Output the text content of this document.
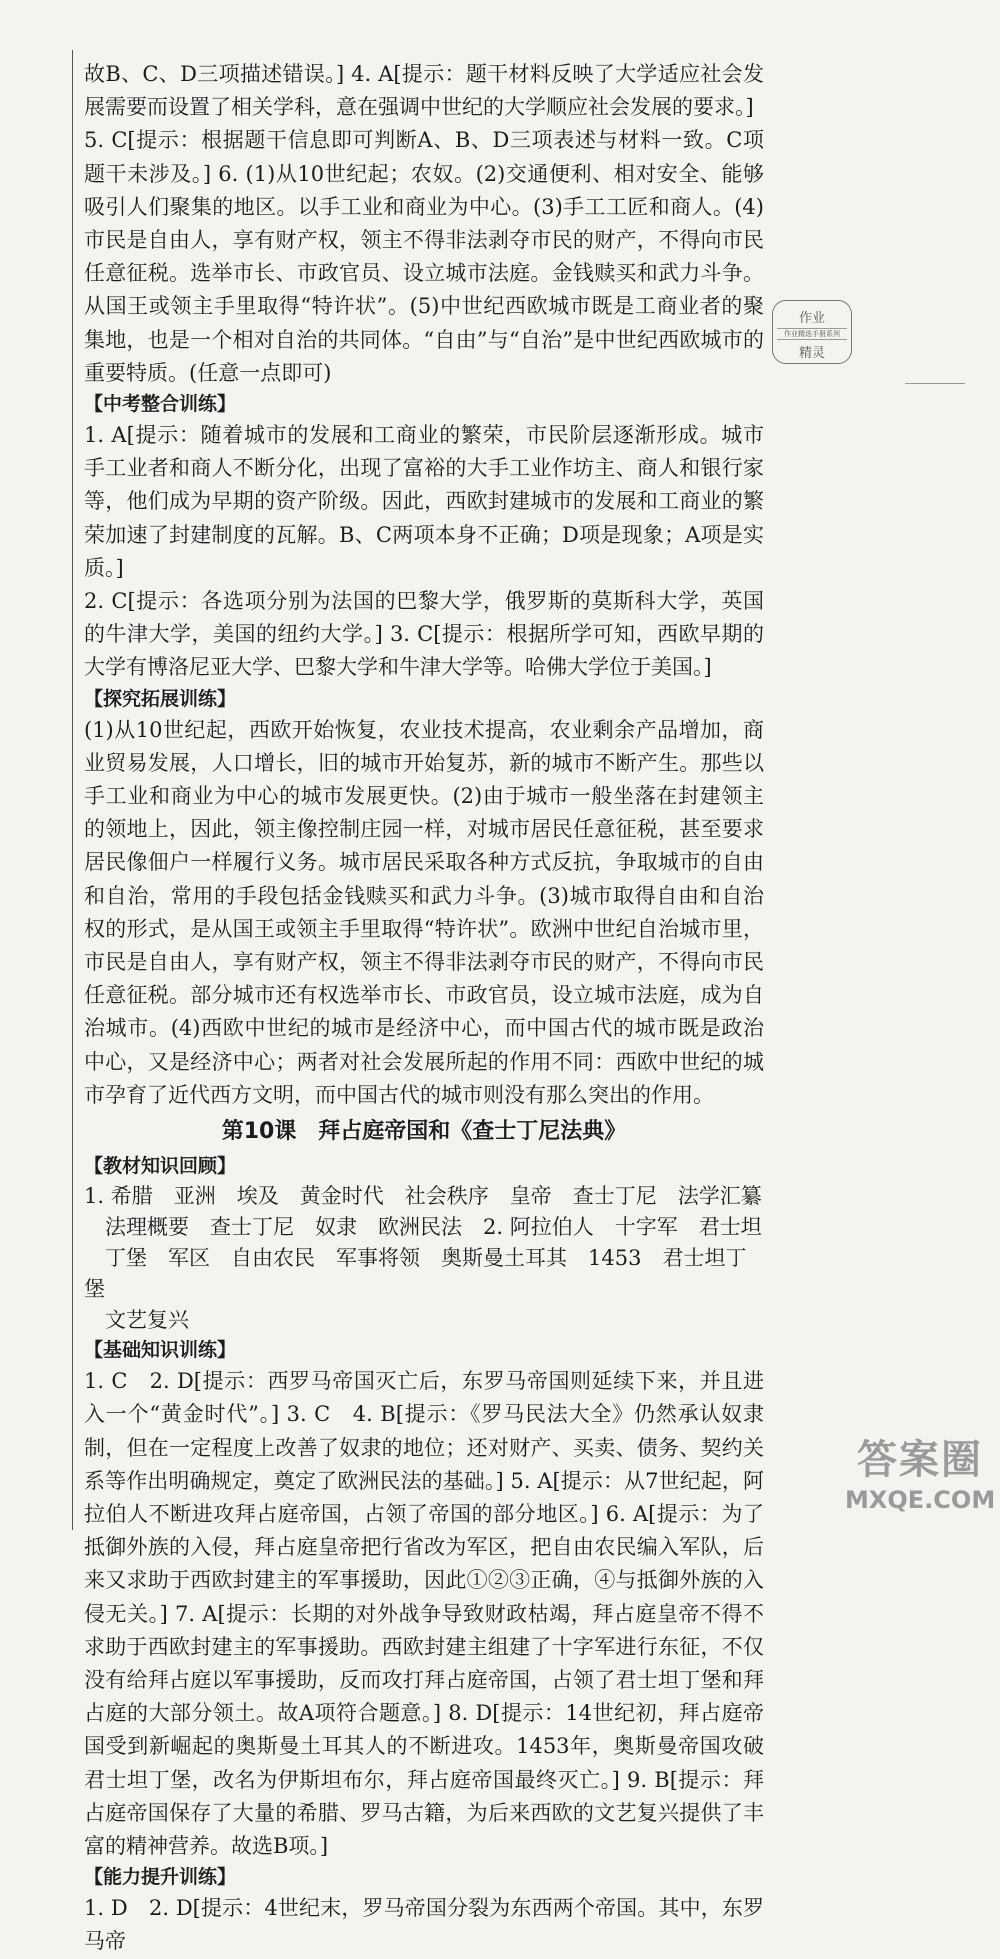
故B、C、D三项描述错误。] 4. A[提示：题干材料反映了大学适应社会发展需要而设置了相关学科，意在强调中世纪的大学顺应社会发展的要求。]

5. C[提示：根据题干信息即可判断A、B、D三项表述与材料一致。C项题干未涉及。] 6. (1)从10世纪起；农奴。(2)交通便利、相对安全、能够吸引人们聚集的地区。以手工业和商业为中心。(3)手工工匠和商人。(4)市民是自由人，享有财产权，领主不得非法剥夺市民的财产，不得向市民任意征税。选举市长、市政官员、设立城市法庭。金钱赎买和武力斗争。从国王或领主手里取得“特许状”。(5)中世纪西欧城市既是工商业者的聚集地，也是一个相对自治的共同体。“自由”与“自治”是中世纪西欧城市的重要特质。(任意一点即可)

【中考整合训练】

1. A[提示：随着城市的发展和工商业的繁荣，市民阶层逐渐形成。城市手工业者和商人不断分化，出现了富裕的大手工业作坊主、商人和银行家等，他们成为早期的资产阶级。因此，西欧封建城市的发展和工商业的繁荣加速了封建制度的瓦解。B、C两项本身不正确；D项是现象；A项是实质。]

2. C[提示：各选项分别为法国的巴黎大学，俄罗斯的莫斯科大学，英国的牛津大学，美国的纽约大学。] 3. C[提示：根据所学可知，西欧早期的大学有博洛尼亚大学、巴黎大学和牛津大学等。哈佛大学位于美国。]

【探究拓展训练】

(1)从10世纪起，西欧开始恢复，农业技术提高，农业剩余产品增加，商业贸易发展，人口增长，旧的城市开始复苏，新的城市不断产生。那些以手工业和商业为中心的城市发展更快。(2)由于城市一般坐落在封建领主的领地上，因此，领主像控制庄园一样，对城市居民任意征税，甚至要求居民像佃户一样履行义务。城市居民采取各种方式反抗，争取城市的自由和自治，常用的手段包括金钱赎买和武力斗争。(3)城市取得自由和自治权的形式，是从国王或领主手里取得“特许状”。欧洲中世纪自治城市里，市民是自由人，享有财产权，领主不得非法剥夺市民的财产，不得向市民任意征税。部分城市还有权选举市长、市政官员，设立城市法庭，成为自治城市。(4)西欧中世纪的城市是经济中心，而中国古代的城市既是政治中心，又是经济中心；两者对社会发展所起的作用不同：西欧中世纪的城市孕育了近代西方文明，而中国古代的城市则没有那么突出的作用。

第10课　拜占庭帝国和《查士丁尼法典》

【教材知识回顾】

1. 希腊　亚洲　埃及　黄金时代　社会秩序　皇帝　查士丁尼　法学汇纂

　法理概要　查士丁尼　奴隶　欧洲民法　2. 阿拉伯人　十字军　君士坦

　丁堡　军区　自由农民　军事将领　奥斯曼土耳其　1453　君士坦丁堡

　文艺复兴

【基础知识训练】

1. C　2. D[提示：西罗马帝国灭亡后，东罗马帝国则延续下来，并且进入一个“黄金时代”。] 3. C　4. B[提示：《罗马民法大全》仍然承认奴隶制，但在一定程度上改善了奴隶的地位；还对财产、买卖、债务、契约关系等作出明确规定，奠定了欧洲民法的基础。] 5. A[提示：从7世纪起，阿拉伯人不断进攻拜占庭帝国，占领了帝国的部分地区。] 6. A[提示：为了抵御外族的入侵，拜占庭皇帝把行省改为军区，把自由农民编入军队，后来又求助于西欧封建主的军事援助，因此①②③正确，④与抵御外族的入侵无关。] 7. A[提示：长期的对外战争导致财政枯竭，拜占庭皇帝不得不求助于西欧封建主的军事援助。西欧封建主组建了十字军进行东征，不仅没有给拜占庭以军事援助，反而攻打拜占庭帝国，占领了君士坦丁堡和拜占庭的大部分领土。故A项符合题意。] 8. D[提示：14世纪初，拜占庭帝国受到新崛起的奥斯曼土耳其人的不断进攻。1453年，奥斯曼帝国攻破君士坦丁堡，改名为伊斯坦布尔，拜占庭帝国最终灭亡。] 9. B[提示：拜占庭帝国保存了大量的希腊、罗马古籍，为后来西欧的文艺复兴提供了丰富的精神营养。故选B项。]

【能力提升训练】

1. D　2. D[提示：4世纪末，罗马帝国分裂为东西两个帝国。其中，东罗马帝

作业
作业精选手册系列
精灵
答案圈
MXQE.COM
